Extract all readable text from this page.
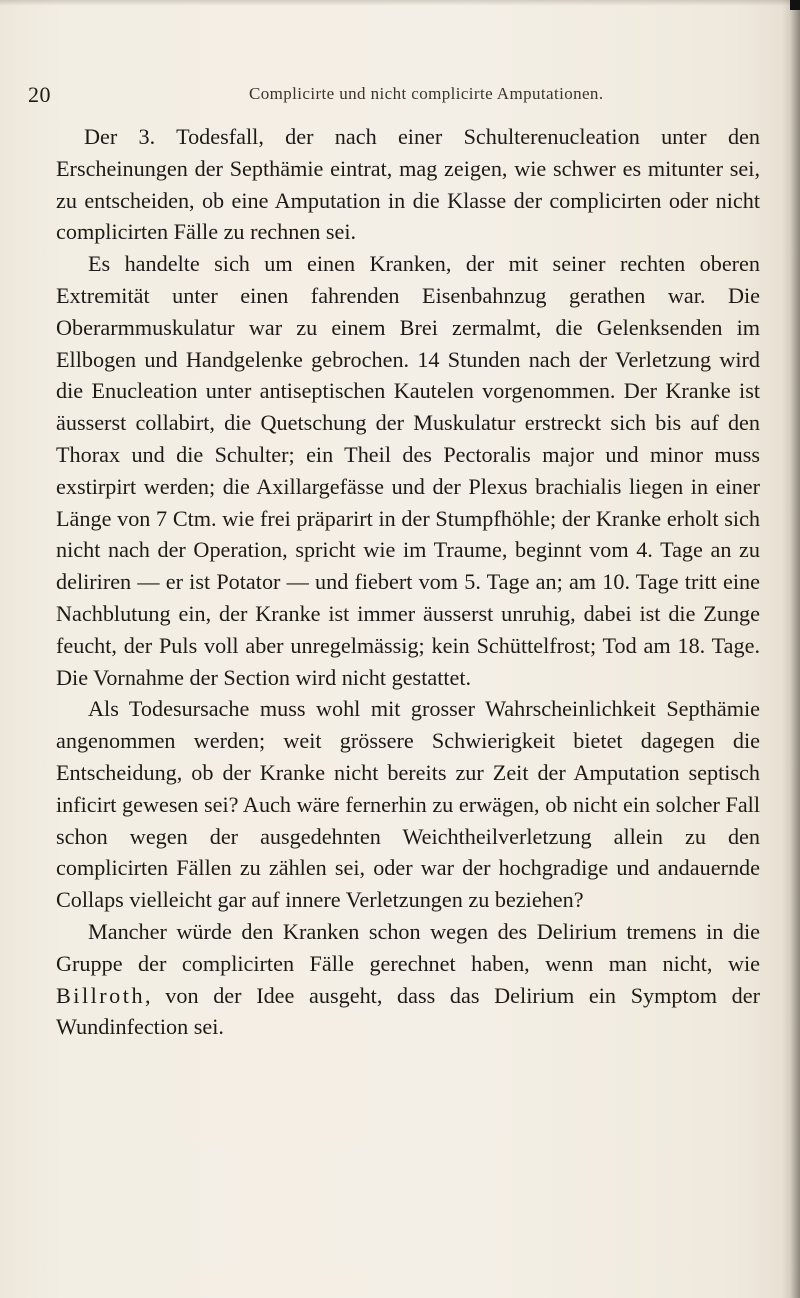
20	Complicirte und nicht complicirte Amputationen.

Der 3. Todesfall, der nach einer Schulterenucleation unter den Erscheinungen der Septhämie eintrat, mag zeigen, wie schwer es mitunter sei, zu entscheiden, ob eine Amputation in die Klasse der complicirten oder nicht complicirten Fälle zu rechnen sei.

Es handelte sich um einen Kranken, der mit seiner rechten oberen Extremität unter einen fahrenden Eisenbahnzug gerathen war. Die Oberarmmuskulatur war zu einem Brei zermalmt, die Gelenksenden im Ellbogen und Handgelenke gebrochen. 14 Stunden nach der Verletzung wird die Enucleation unter antiseptischen Kautelen vorgenommen. Der Kranke ist äusserst collabirt, die Quetschung der Muskulatur erstreckt sich bis auf den Thorax und die Schulter; ein Theil des Pectoralis major und minor muss exstirpirt werden; die Axillargefässe und der Plexus brachialis liegen in einer Länge von 7 Ctm. wie frei präparirt in der Stumpfhöhle; der Kranke erholt sich nicht nach der Operation, spricht wie im Traume, beginnt vom 4. Tage an zu deliriren — er ist Potator — und fiebert vom 5. Tage an; am 10. Tage tritt eine Nachblutung ein, der Kranke ist immer äusserst unruhig, dabei ist die Zunge feucht, der Puls voll aber unregelmässig; kein Schüttelfrost; Tod am 18. Tage. Die Vornahme der Section wird nicht gestattet.

Als Todesursache muss wohl mit grosser Wahrscheinlichkeit Septhämie angenommen werden; weit grössere Schwierigkeit bietet dagegen die Entscheidung, ob der Kranke nicht bereits zur Zeit der Amputation septisch inficirt gewesen sei? Auch wäre fernerhin zu erwägen, ob nicht ein solcher Fall schon wegen der ausgedehnten Weichtheilverletzung allein zu den complicirten Fällen zu zählen sei, oder war der hochgradige und andauernde Collaps vielleicht gar auf innere Verletzungen zu beziehen?

Mancher würde den Kranken schon wegen des Delirium tremens in die Gruppe der complicirten Fälle gerechnet haben, wenn man nicht, wie Billroth, von der Idee ausgeht, dass das Delirium ein Symptom der Wundinfection sei.
